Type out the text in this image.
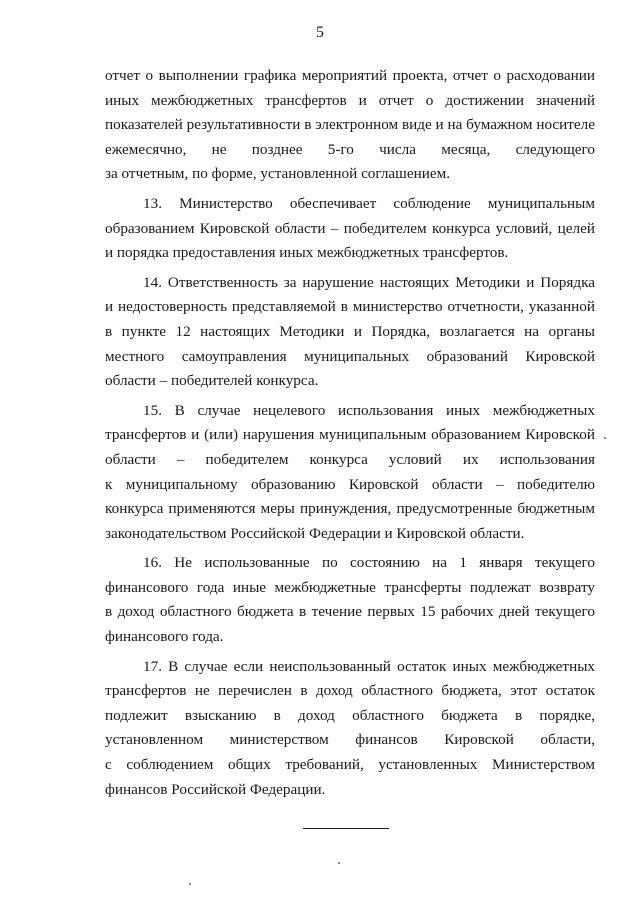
5
отчет о выполнении графика мероприятий проекта, отчет о расходовании
иных межбюджетных трансфертов и отчет о достижении значений
показателей результативности в электронном виде и на бумажном носителе
ежемесячно, не позднее 5-го числа месяца, следующего
за отчетным, по форме, установленной соглашением.
13. Министерство обеспечивает соблюдение муниципальным
образованием Кировской области – победителем конкурса условий, целей
и порядка предоставления иных межбюджетных трансфертов.
14. Ответственность за нарушение настоящих Методики и Порядка
и недостоверность представляемой в министерство отчетности, указанной
в пункте 12 настоящих Методики и Порядка, возлагается на органы
местного самоуправления муниципальных образований Кировской
области – победителей конкурса.
15. В случае нецелевого использования иных межбюджетных
трансфертов и (или) нарушения муниципальным образованием Кировской
области – победителем конкурса условий их использования
к муниципальному образованию Кировской области – победителю
конкурса применяются меры принуждения, предусмотренные бюджетным
законодательством Российской Федерации и Кировской области.
16. Не использованные по состоянию на 1 января текущего
финансового года иные межбюджетные трансферты подлежат возврату
в доход областного бюджета в течение первых 15 рабочих дней текущего
финансового года.
17. В случае если неиспользованный остаток иных межбюджетных
трансфертов не перечислен в доход областного бюджета, этот остаток
подлежит взысканию в доход областного бюджета в порядке,
установленном министерством финансов Кировской области,
с соблюдением общих требований, установленных Министерством
финансов Российской Федерации.
